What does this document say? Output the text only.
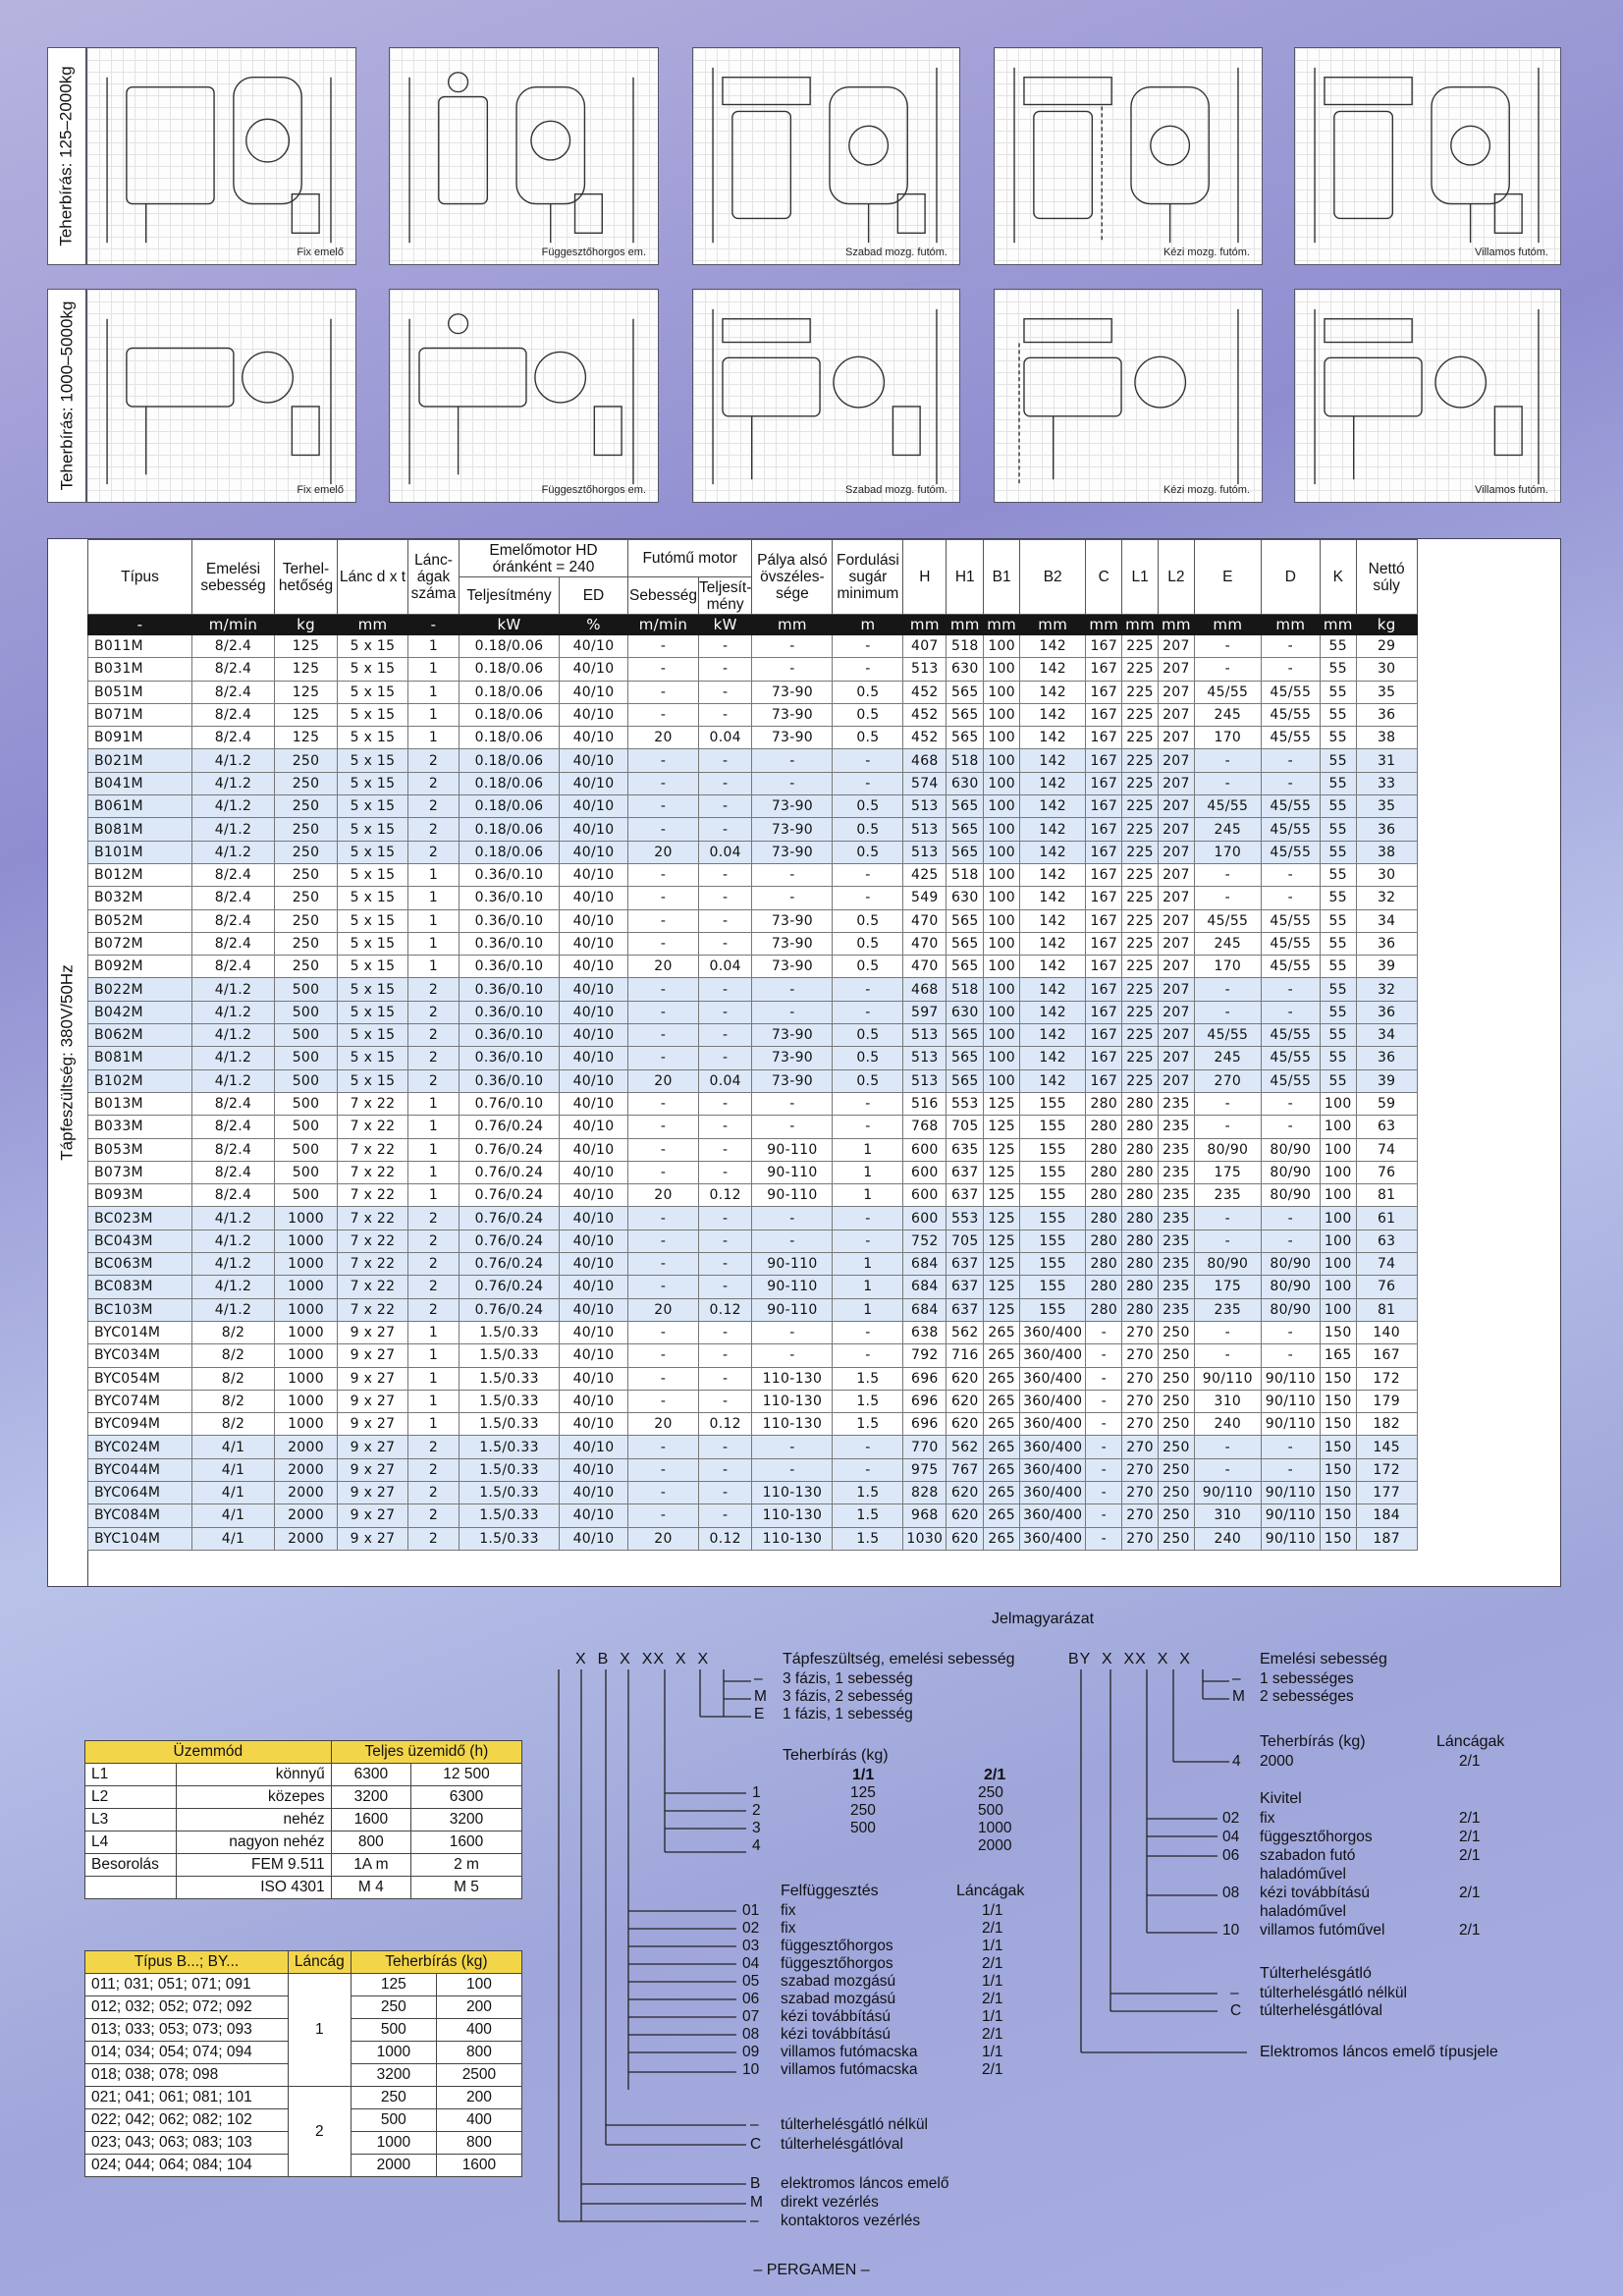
Teherbírás: 125–2000kg
Teherbírás: 1000–5000kg
Fix emelő	Függesztőhorgos em.	Szabad mozg. futóm.	Kézi mozg. futóm.	Villamos futóm.
Fix emelő	Függesztőhorgos em.	Szabad mozg. futóm.	Kézi mozg. futóm.	Villamos futóm.
Tápfeszültség: 380V/50Hz
Típus	Emelési sebesség	Terhel-hetőség	Lánc d x t	Lánc-ágak száma	Emelőmotor HD óránként = 240		Futómű motor		Pálya alsó övszéles-sége	Fordulási sugár minimum	H	H1	B1	B2	C	L1	L2	E	D	K	Nettó súly
					Teljesítmény	ED	Sebesség	Teljesít-mény													
-	m/min	kg	mm	-	kW	%	m/min	kW	mm	m	mm	mm	mm	mm	mm	mm	mm	mm	mm	mm	kg
B011M	8/2.4	125	5 x 15	1	0.18/0.06	40/10	-	-	-	-	407	518	100	142	167	225	207	-	-	55	29
B031M	8/2.4	125	5 x 15	1	0.18/0.06	40/10	-	-	-	-	513	630	100	142	167	225	207	-	-	55	30
B051M	8/2.4	125	5 x 15	1	0.18/0.06	40/10	-	-	73-90	0.5	452	565	100	142	167	225	207	45/55	45/55	55	35
B071M	8/2.4	125	5 x 15	1	0.18/0.06	40/10	-	-	73-90	0.5	452	565	100	142	167	225	207	245	45/55	55	36
B091M	8/2.4	125	5 x 15	1	0.18/0.06	40/10	20	0.04	73-90	0.5	452	565	100	142	167	225	207	170	45/55	55	38
B021M	4/1.2	250	5 x 15	2	0.18/0.06	40/10	-	-	-	-	468	518	100	142	167	225	207	-	-	55	31
B041M	4/1.2	250	5 x 15	2	0.18/0.06	40/10	-	-	-	-	574	630	100	142	167	225	207	-	-	55	33
B061M	4/1.2	250	5 x 15	2	0.18/0.06	40/10	-	-	73-90	0.5	513	565	100	142	167	225	207	45/55	45/55	55	35
B081M	4/1.2	250	5 x 15	2	0.18/0.06	40/10	-	-	73-90	0.5	513	565	100	142	167	225	207	245	45/55	55	36
B101M	4/1.2	250	5 x 15	2	0.18/0.06	40/10	20	0.04	73-90	0.5	513	565	100	142	167	225	207	170	45/55	55	38
B012M	8/2.4	250	5 x 15	1	0.36/0.10	40/10	-	-	-	-	425	518	100	142	167	225	207	-	-	55	30
B032M	8/2.4	250	5 x 15	1	0.36/0.10	40/10	-	-	-	-	549	630	100	142	167	225	207	-	-	55	32
B052M	8/2.4	250	5 x 15	1	0.36/0.10	40/10	-	-	73-90	0.5	470	565	100	142	167	225	207	45/55	45/55	55	34
B072M	8/2.4	250	5 x 15	1	0.36/0.10	40/10	-	-	73-90	0.5	470	565	100	142	167	225	207	245	45/55	55	36
B092M	8/2.4	250	5 x 15	1	0.36/0.10	40/10	20	0.04	73-90	0.5	470	565	100	142	167	225	207	170	45/55	55	39
B022M	4/1.2	500	5 x 15	2	0.36/0.10	40/10	-	-	-	-	468	518	100	142	167	225	207	-	-	55	32
B042M	4/1.2	500	5 x 15	2	0.36/0.10	40/10	-	-	-	-	597	630	100	142	167	225	207	-	-	55	36
B062M	4/1.2	500	5 x 15	2	0.36/0.10	40/10	-	-	73-90	0.5	513	565	100	142	167	225	207	45/55	45/55	55	34
B081M	4/1.2	500	5 x 15	2	0.36/0.10	40/10	-	-	73-90	0.5	513	565	100	142	167	225	207	245	45/55	55	36
B102M	4/1.2	500	5 x 15	2	0.36/0.10	40/10	20	0.04	73-90	0.5	513	565	100	142	167	225	207	270	45/55	55	39
B013M	8/2.4	500	7 x 22	1	0.76/0.10	40/10	-	-	-	-	516	553	125	155	280	280	235	-	-	100	59
B033M	8/2.4	500	7 x 22	1	0.76/0.24	40/10	-	-	-	-	768	705	125	155	280	280	235	-	-	100	63
B053M	8/2.4	500	7 x 22	1	0.76/0.24	40/10	-	-	90-110	1	600	635	125	155	280	280	235	80/90	80/90	100	74
B073M	8/2.4	500	7 x 22	1	0.76/0.24	40/10	-	-	90-110	1	600	637	125	155	280	280	235	175	80/90	100	76
B093M	8/2.4	500	7 x 22	1	0.76/0.24	40/10	20	0.12	90-110	1	600	637	125	155	280	280	235	235	80/90	100	81
BC023M	4/1.2	1000	7 x 22	2	0.76/0.24	40/10	-	-	-	-	600	553	125	155	280	280	235	-	-	100	61
BC043M	4/1.2	1000	7 x 22	2	0.76/0.24	40/10	-	-	-	-	752	705	125	155	280	280	235	-	-	100	63
BC063M	4/1.2	1000	7 x 22	2	0.76/0.24	40/10	-	-	90-110	1	684	637	125	155	280	280	235	80/90	80/90	100	74
BC083M	4/1.2	1000	7 x 22	2	0.76/0.24	40/10	-	-	90-110	1	684	637	125	155	280	280	235	175	80/90	100	76
BC103M	4/1.2	1000	7 x 22	2	0.76/0.24	40/10	20	0.12	90-110	1	684	637	125	155	280	280	235	235	80/90	100	81
BYC014M	8/2	1000	9 x 27	1	1.5/0.33	40/10	-	-	-	-	638	562	265	360/400	-	270	250	-	-	150	140
BYC034M	8/2	1000	9 x 27	1	1.5/0.33	40/10	-	-	-	-	792	716	265	360/400	-	270	250	-	-	165	167
BYC054M	8/2	1000	9 x 27	1	1.5/0.33	40/10	-	-	110-130	1.5	696	620	265	360/400	-	270	250	90/110	90/110	150	172
BYC074M	8/2	1000	9 x 27	1	1.5/0.33	40/10	-	-	110-130	1.5	696	620	265	360/400	-	270	250	310	90/110	150	179
BYC094M	8/2	1000	9 x 27	1	1.5/0.33	40/10	20	0.12	110-130	1.5	696	620	265	360/400	-	270	250	240	90/110	150	182
BYC024M	4/1	2000	9 x 27	2	1.5/0.33	40/10	-	-	-	-	770	562	265	360/400	-	270	250	-	-	150	145
BYC044M	4/1	2000	9 x 27	2	1.5/0.33	40/10	-	-	-	-	975	767	265	360/400	-	270	250	-	-	150	172
BYC064M	4/1	2000	9 x 27	2	1.5/0.33	40/10	-	-	110-130	1.5	828	620	265	360/400	-	270	250	90/110	90/110	150	177
BYC084M	4/1	2000	9 x 27	2	1.5/0.33	40/10	-	-	110-130	1.5	968	620	265	360/400	-	270	250	310	90/110	150	184
BYC104M	4/1	2000	9 x 27	2	1.5/0.33	40/10	20	0.12	110-130	1.5	1030	620	265	360/400	-	270	250	240	90/110	150	187
Jelmagyarázat
X  B  X  XX  X  X	Tápfeszültség, emelési sebesség
– 3 fázis, 1 sebesség
M 3 fázis, 2 sebesség
E 1 fázis, 1 sebesség
Teherbírás (kg)
1/1	2/1
1	125	250
2	250	500
3	500	1000
4	2000
Felfüggesztés	Láncágak
01 fix	1/1
02 fix	2/1
03 függesztőhorgos	1/1
04 függesztőhorgos	2/1
05 szabad mozgású	1/1
06 szabad mozgású	2/1
07 kézi továbbítású	1/1
08 kézi továbbítású	2/1
09 villamos futómacska	1/1
10 villamos futómacska	2/1
– túlterhelésgátló nélkül
C túlterhelésgátlóval
B elektromos láncos emelő
M direkt vezérlés
– kontaktoros vezérlés
BY  X  XX  X  X	Emelési sebesség
– 1 sebességes
M 2 sebességes
Teherbírás (kg)	Láncágak
4 2000	2/1
Kivitel
02 fix	2/1
04 függesztőhorgos	2/1
06 szabadon futó
haladóművel
2/1
08 kézi továbbítású
haladóművel
2/1
10 villamos futóművel	2/1
Túlterhelésgátló
– túlterhelésgátló nélkül
C túlterhelésgátlóval
Elektromos láncos emelő típusjele
Üzemmód		Teljes üzemidő (h)	
L1	könnyű	6300	12 500
L2	közepes	3200	6300
L3	nehéz	1600	3200
L4	nagyon nehéz	800	1600
Besorolás	FEM 9.511	1A m	2 m
	ISO 4301	M 4	M 5
Típus B...; BY...	Láncág	Teherbírás (kg)	
011; 031; 051; 071; 091	1	125	100
012; 032; 052; 072; 092		250	200
013; 033; 053; 073; 093		500	400
014; 034; 054; 074; 094		1000	800
018; 038; 078; 098		3200	2500
021; 041; 061; 081; 101	2	250	200
022; 042; 062; 082; 102		500	400
023; 043; 063; 083; 103		1000	800
024; 044; 064; 084; 104		2000	1600
– PERGAMEN –
